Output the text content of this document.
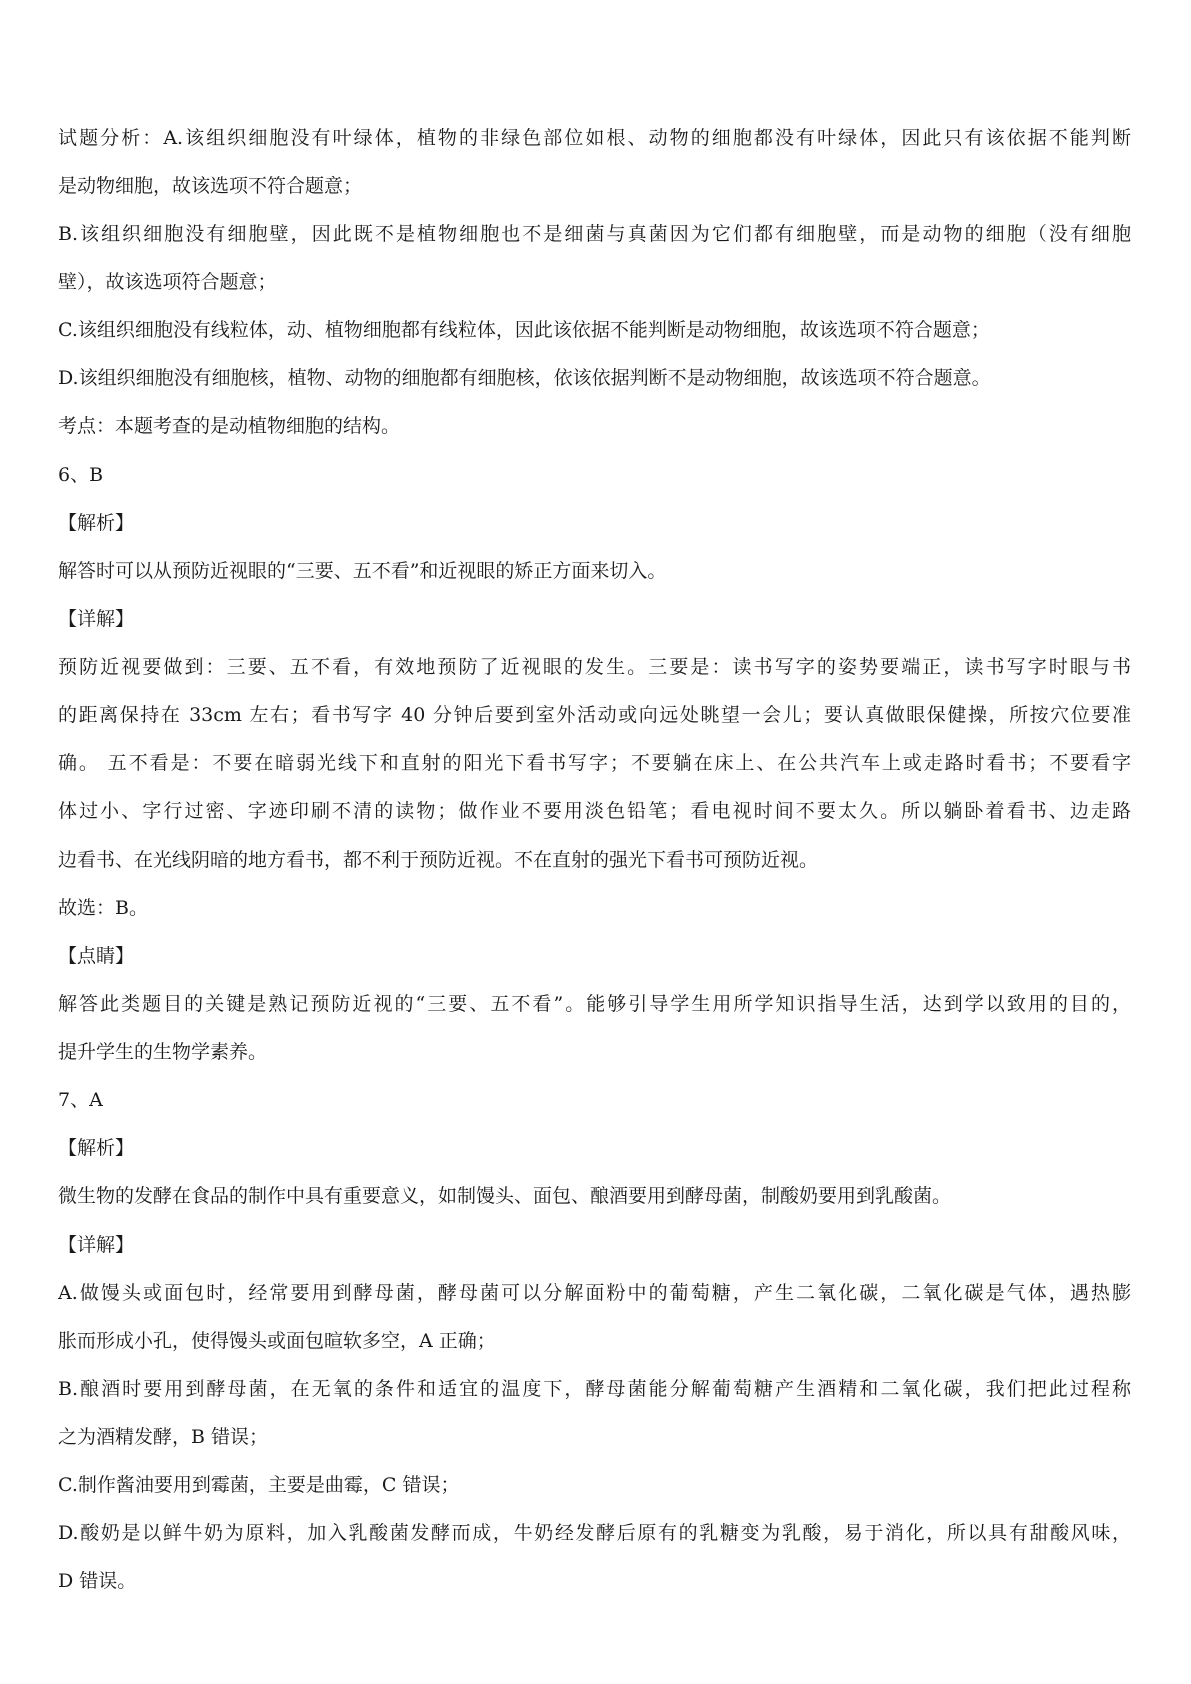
试题分析：A.该组织细胞没有叶绿体，植物的非绿色部位如根、动物的细胞都没有叶绿体，因此只有该依据不能判断
是动物细胞，故该选项不符合题意；
B.该组织细胞没有细胞壁，因此既不是植物细胞也不是细菌与真菌因为它们都有细胞壁，而是动物的细胞（没有细胞
壁），故该选项符合题意；
C.该组织细胞没有线粒体，动、植物细胞都有线粒体，因此该依据不能判断是动物细胞，故该选项不符合题意；
D.该组织细胞没有细胞核，植物、动物的细胞都有细胞核，依该依据判断不是动物细胞，故该选项不符合题意。
考点：本题考查的是动植物细胞的结构。
6、B
【解析】
解答时可以从预防近视眼的“三要、五不看”和近视眼的矫正方面来切入。
【详解】
预防近视要做到：三要、五不看，有效地预防了近视眼的发生。三要是：读书写字的姿势要端正，读书写字时眼与书
的距离保持在 33cm 左右；看书写字 40 分钟后要到室外活动或向远处眺望一会儿；要认真做眼保健操，所按穴位要准
确。 五不看是：不要在暗弱光线下和直射的阳光下看书写字；不要躺在床上、在公共汽车上或走路时看书；不要看字
体过小、字行过密、字迹印刷不清的读物；做作业不要用淡色铅笔；看电视时间不要太久。所以躺卧着看书、边走路
边看书、在光线阴暗的地方看书，都不利于预防近视。不在直射的强光下看书可预防近视。
故选：B。
【点睛】
解答此类题目的关键是熟记预防近视的“三要、五不看”。能够引导学生用所学知识指导生活，达到学以致用的目的，
提升学生的生物学素养。
7、A
【解析】
微生物的发酵在食品的制作中具有重要意义，如制馒头、面包、酿酒要用到酵母菌，制酸奶要用到乳酸菌。
【详解】
A.做馒头或面包时，经常要用到酵母菌，酵母菌可以分解面粉中的葡萄糖，产生二氧化碳，二氧化碳是气体，遇热膨
胀而形成小孔，使得馒头或面包暄软多空，A 正确；
B.酿酒时要用到酵母菌，在无氧的条件和适宜的温度下，酵母菌能分解葡萄糖产生酒精和二氧化碳，我们把此过程称
之为酒精发酵，B 错误；
C.制作酱油要用到霉菌，主要是曲霉，C 错误；
D.酸奶是以鲜牛奶为原料，加入乳酸菌发酵而成，牛奶经发酵后原有的乳糖变为乳酸，易于消化，所以具有甜酸风味，
D 错误。
